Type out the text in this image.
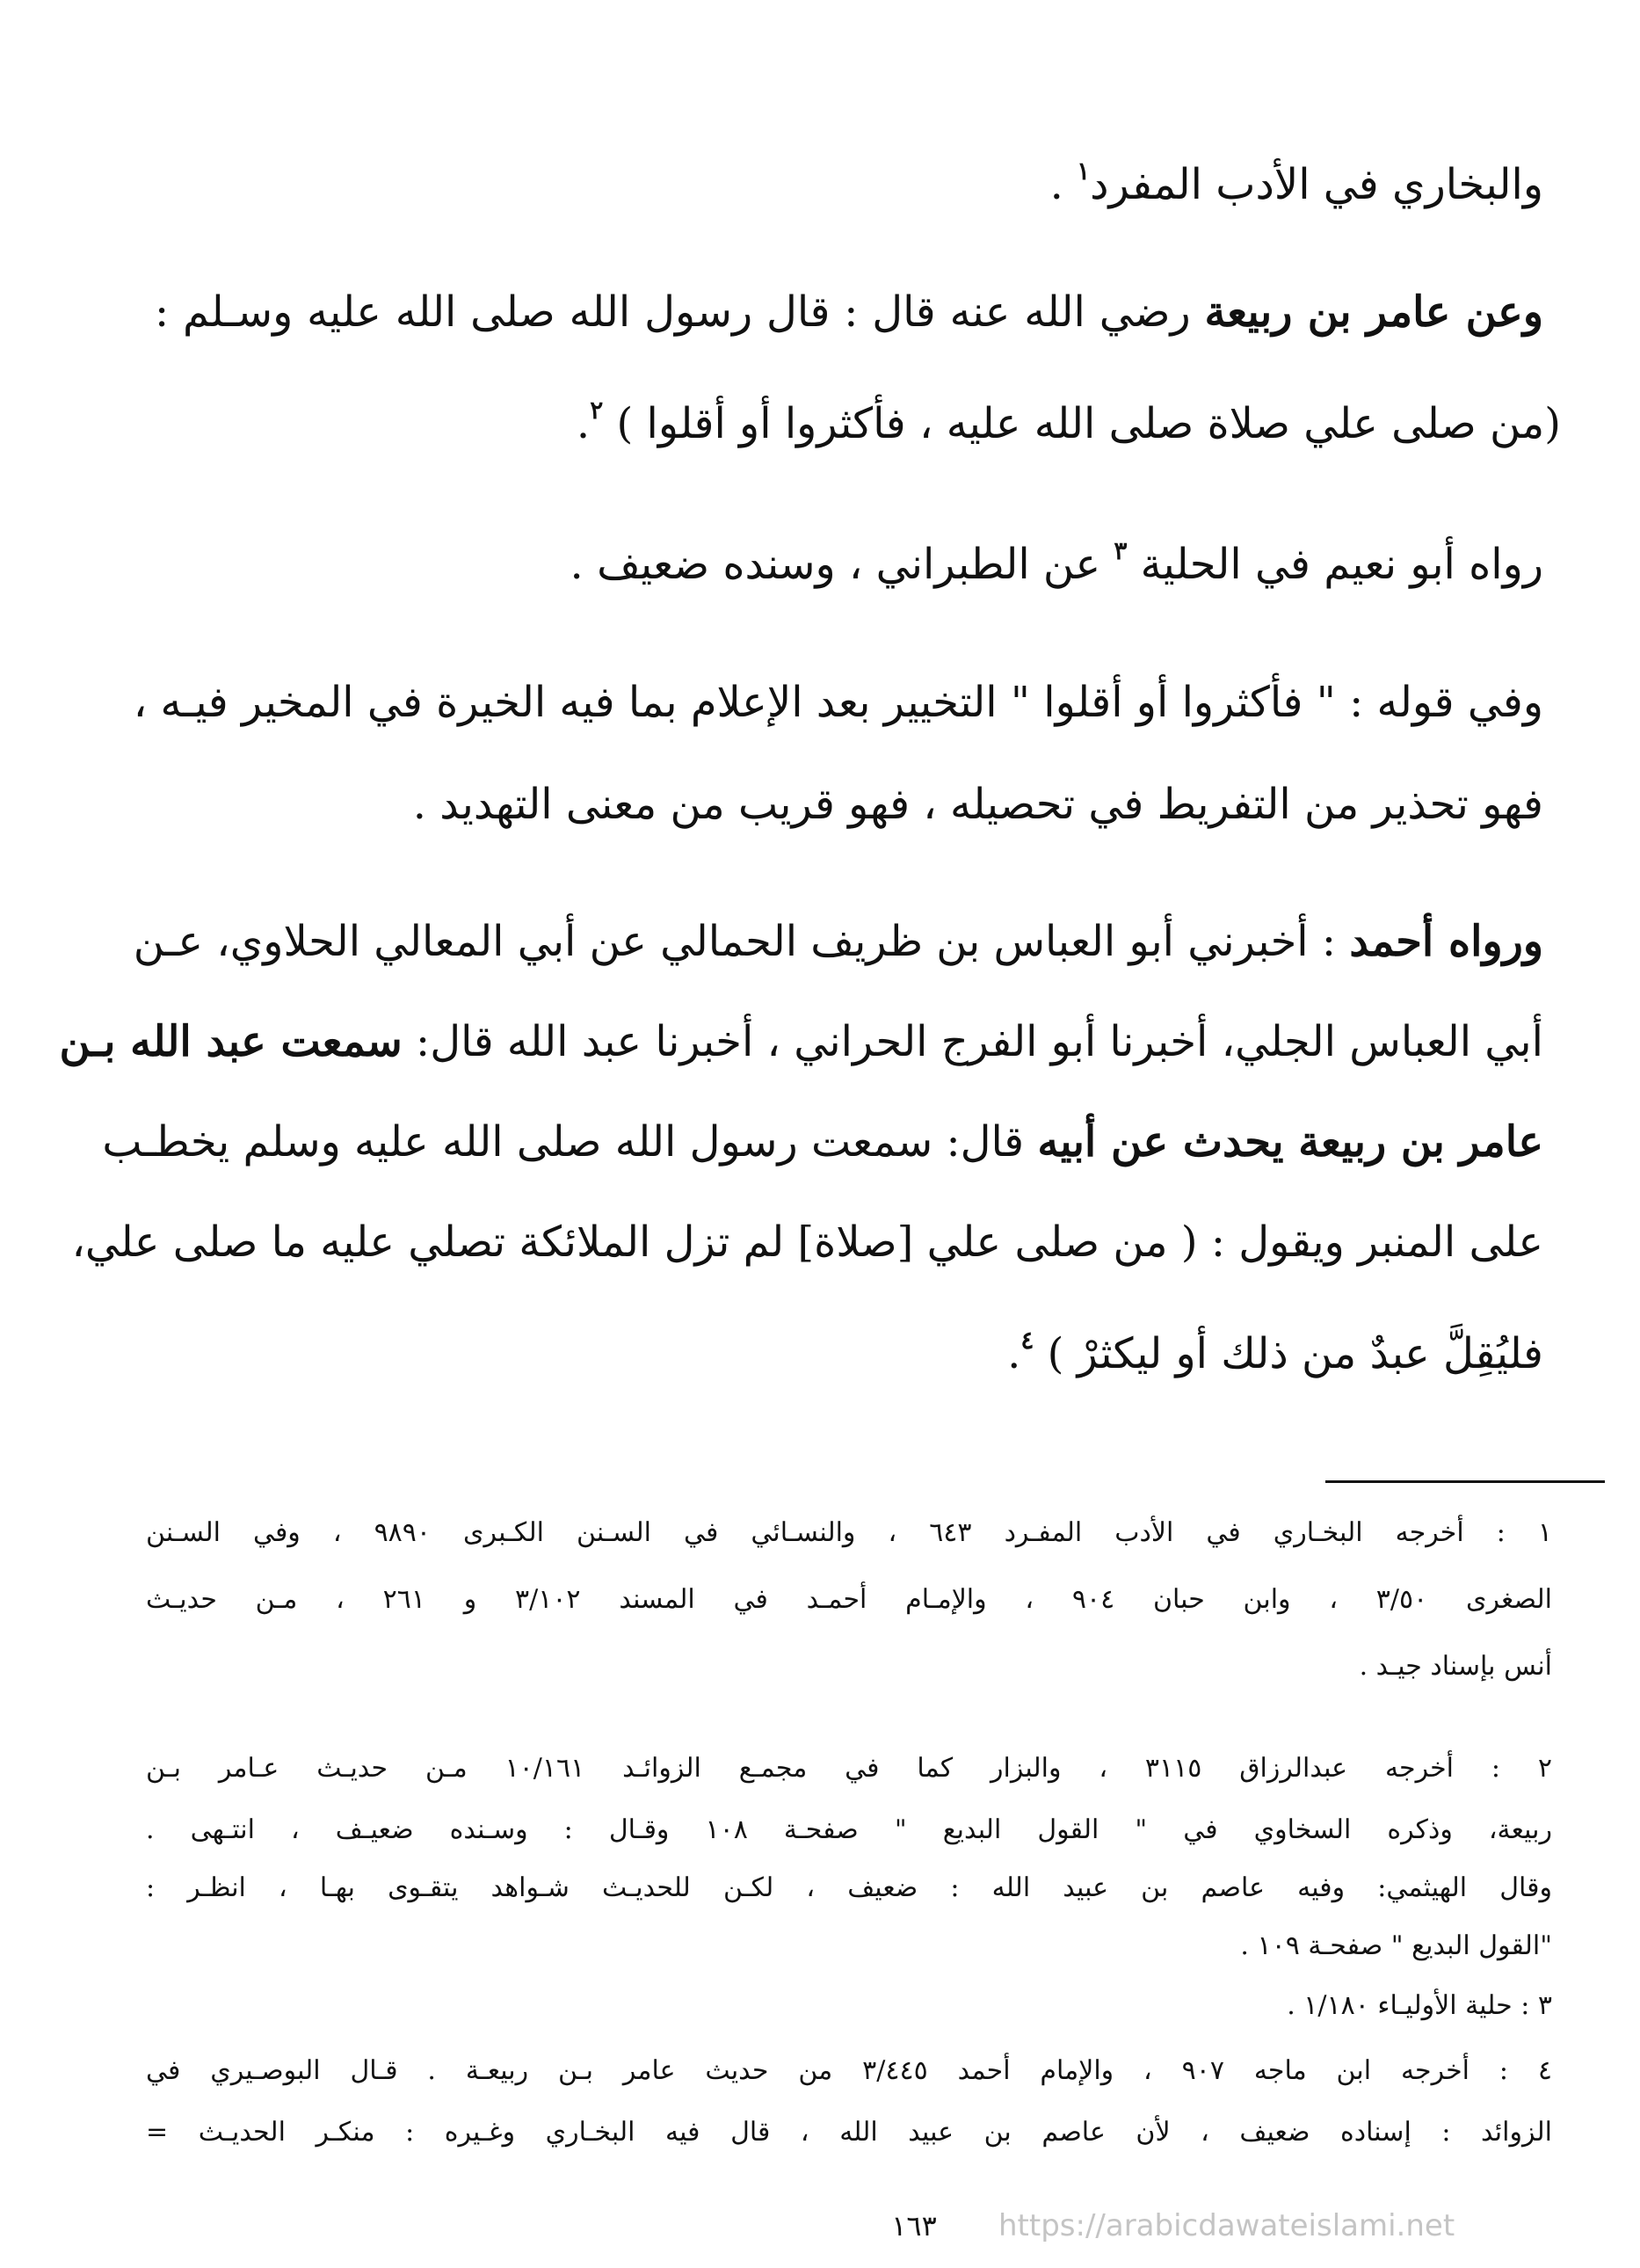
والبخاري في الأدب المفرد$^١$ .
وعن عامر بن ربيعة رضي الله عنه قال : قال رسول الله صلى الله عليه وسـلم :
(من صلى علي صلاة صلى الله عليه ، فأكثروا أو أقلوا ) $^٢$.
رواه أبو نعيم في الحلية $^٣$ عن الطبراني ، وسنده ضعيف .
وفي قوله : " فأكثروا أو أقلوا " التخيير بعد الإعلام بما فيه الخيرة في المخير فيـه ،
فهو تحذير من التفريط في تحصيله ، فهو قريب من معنى التهديد .
ورواه أحمد : أخبرني أبو العباس بن ظريف الحمالي عن أبي المعالي الحلاوي، عـن
أبي العباس الجلي، أخبرنا أبو الفرج الحراني ، أخبرنا عبد الله قال: سمعت عبد الله بـن
عامر بن ربيعة يحدث عن أبيه قال: سمعت رسول الله صلى الله عليه وسلم يخطـب
على المنبر ويقول : ( من صلى علي [صلاة] لم تزل الملائكة تصلي عليه ما صلى علي،
فليُقِلَّ عبدٌ من ذلك أو ليكثرْ ) $^٤$.
١ : أخرجه البخـاري في الأدب المفـرد ٦٤٣ ، والنسـائي في السـنن الكـبرى ٩٨٩٠ ، وفي السـنن
الصغرى ٣/٥٠ ، وابن حبان ٩٠٤ ، والإمـام أحمـد في المسند ٣/١٠٢ و ٢٦١ ، مـن حديـث
أنس بإسناد جيـد .
٢ : أخرجه عبدالرزاق ٣١١٥ ، والبزار كما في مجمـع الزوائـد ١٠/١٦١ مـن حديـث عـامر بـن
ربيعة، وذكره السخاوي في " القول البديع " صفحـة ١٠٨ وقـال : وسـنده ضعيـف ، انتـهى .
وقال الهيثمي: وفيه عاصم بن عبيد الله : ضعيف ، لكـن للحديـث شـواهد يتقـوى بهـا ، انظـر :
"القول البديع " صفحـة ١٠٩ .
٣ : حلية الأوليـاء ١/١٨٠ .
٤ : أخرجه ابن ماجه ٩٠٧ ، والإمام أحمد ٣/٤٤٥ من حديث عامر بـن ربيعـة . قـال البوصـيري في
الزوائد : إسناده ضعيف ، لأن عاصم بن عبيد الله ، قال فيه البخـاري وغـيره : منكـر الحديـث =
١٦٣	https://arabicdawateislami.net
